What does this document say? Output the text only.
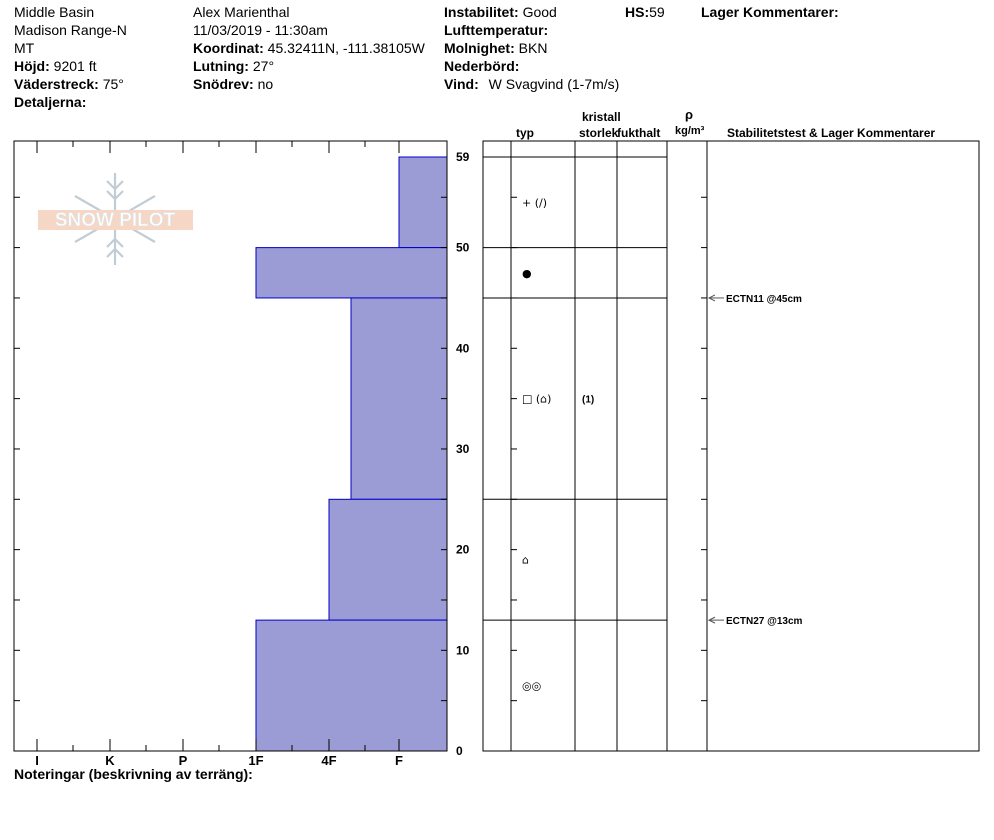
Middle Basin
Madison Range-N
MT
Höjd: 9201 ft
Väderstreck: 75°
Detaljerna:
Alex Marienthal
11/03/2019 - 11:30am
Koordinat: 45.32411N, -111.38105W
Lutning: 27°
Snödrev: no
Instabilitet: Good	HS:59	Lager Kommentarer:
Lufttemperatur:
Molnighet: BKN
Nederbörd:
Vind: W Svagvind (1-7m/s)
SNOW PILOT
I	K	P	1F	4F	F
0
10
20
30
40
50
59
+ (∕)
●
□ (⌂)	(1)
⌂
◎◎
ECTN11 @45cm
ECTN27 @13cm
kristall
typ	storlek
fukthalt
ρ
kg/m³ Stabilitetstest & Lager Kommentarer
Noteringar (beskrivning av terräng):
